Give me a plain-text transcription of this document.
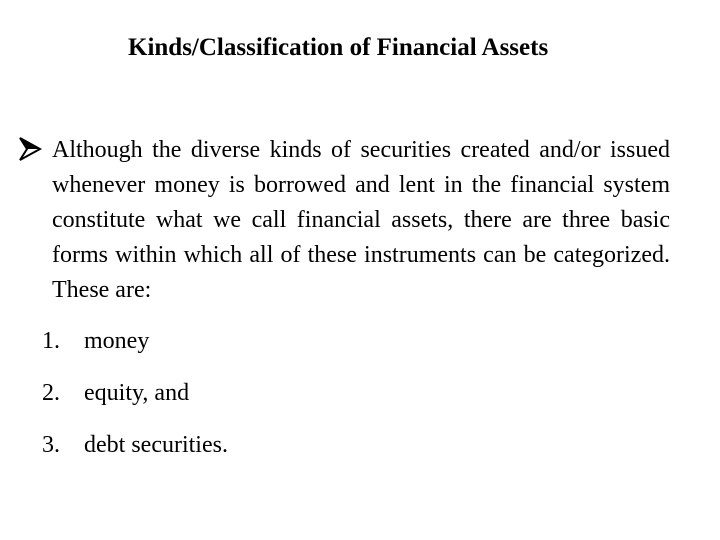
Kinds/Classification of Financial Assets
Although the diverse kinds of securities created and/or issued whenever money is borrowed and lent in the financial system constitute what we call financial assets, there are three basic forms within which all of these instruments can be categorized. These are:
1. money
2. equity, and
3. debt securities.
